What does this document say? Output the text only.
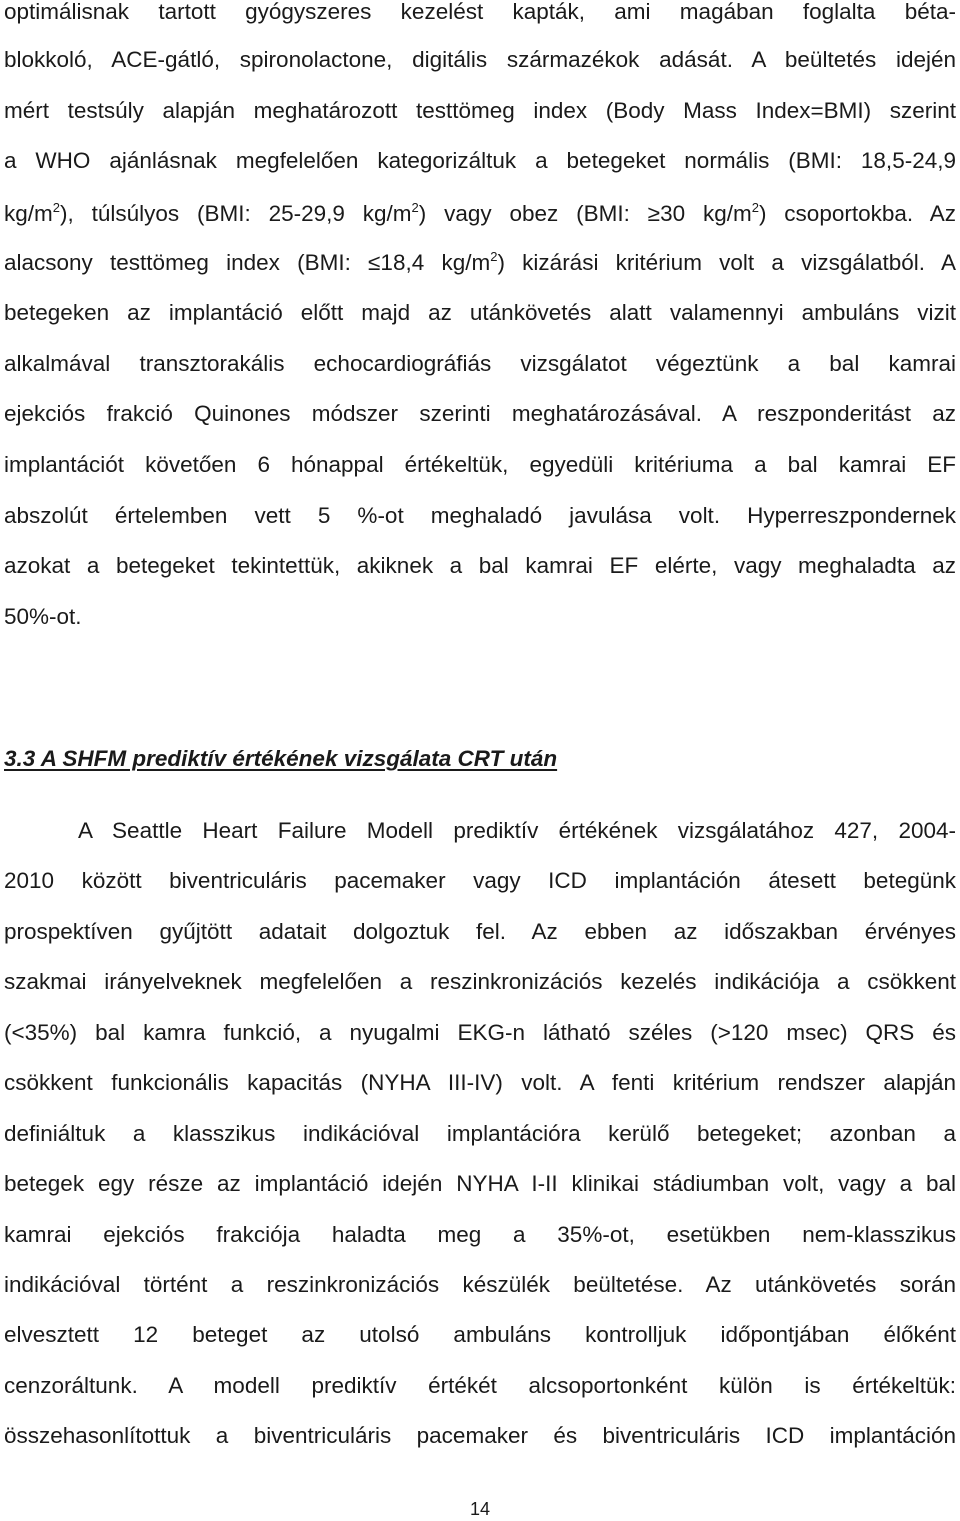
optimálisnak tartott gyógyszeres kezelést kapták, ami magában foglalta béta-
blokkoló, ACE-gátló, spironolactone, digitális származékok adását. A beültetés idején
mért testsúly alapján meghatározott testtömeg index (Body Mass Index=BMI) szerint
a WHO ajánlásnak megfelelően kategorizáltuk a betegeket normális (BMI: 18,5-24,9
$kg/m^2$), túlsúlyos (BMI: 25-29,9 $kg/m^2$) vagy obez (BMI: ≥30 $kg/m^2$) csoportokba. Az
alacsony testtömeg index (BMI: ≤18,4 $kg/m^2$) kizárási kritérium volt a vizsgálatból. A
betegeken az implantáció előtt majd az utánkövetés alatt valamennyi ambuláns vizit
alkalmával transztorakális echocardiográfiás vizsgálatot végeztünk a bal kamrai
ejekciós frakció Quinones módszer szerinti meghatározásával. A reszponderitást az
implantációt követően 6 hónappal értékeltük, egyedüli kritériuma a bal kamrai EF
abszolút értelemben vett 5 %-ot meghaladó javulása volt. Hyperreszpondernek
azokat a betegeket tekintettük, akiknek a bal kamrai EF elérte, vagy meghaladta az
50%-ot.
3.3 A SHFM prediktív értékének vizsgálata CRT után
A Seattle Heart Failure Modell prediktív értékének vizsgálatához 427, 2004-
2010 között biventriculáris pacemaker vagy ICD implantáción átesett betegünk
prospektíven gyűjtött adatait dolgoztuk fel. Az ebben az időszakban érvényes
szakmai irányelveknek megfelelően a reszinkronizációs kezelés indikációja a csökkent
(<35%) bal kamra funkció, a nyugalmi EKG-n látható széles (>120 msec) QRS és
csökkent funkcionális kapacitás (NYHA III-IV) volt. A fenti kritérium rendszer alapján
definiáltuk a klasszikus indikációval implantációra kerülő betegeket; azonban a
betegek egy része az implantáció idején NYHA I-II klinikai stádiumban volt, vagy a bal
kamrai ejekciós frakciója haladta meg a 35%-ot, esetükben nem-klasszikus
indikációval történt a reszinkronizációs készülék beültetése. Az utánkövetés során
elvesztett 12 beteget az utolsó ambuláns kontrolljuk időpontjában élőként
cenzoráltunk. A modell prediktív értékét alcsoportonként külön is értékeltük:
összehasonlítottuk a biventriculáris pacemaker és biventriculáris ICD implantáción
14
